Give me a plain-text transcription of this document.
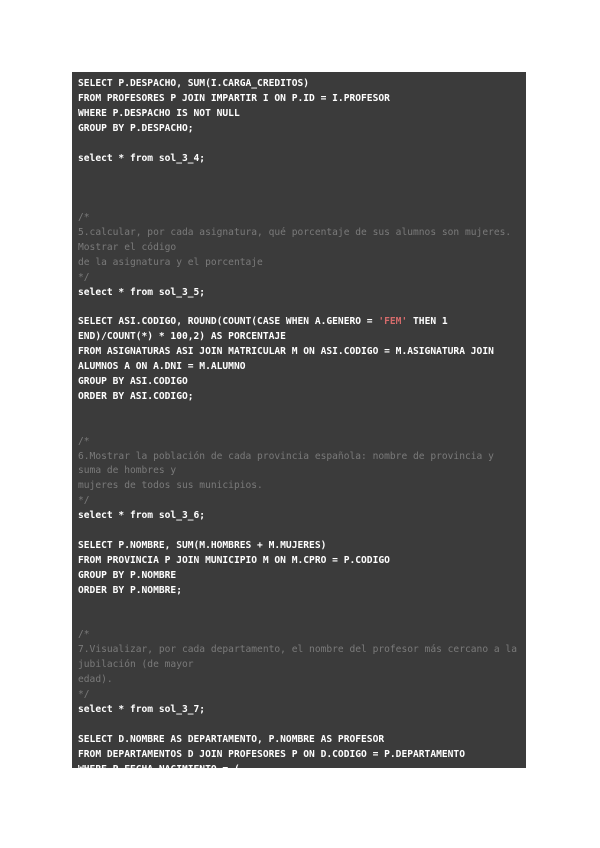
SELECT P.DESPACHO, SUM(I.CARGA_CREDITOS)
FROM PROFESORES P JOIN IMPARTIR I ON P.ID = I.PROFESOR
WHERE P.DESPACHO IS NOT NULL
GROUP BY P.DESPACHO;
select * from sol_3_4;
/*
5.calcular, por cada asignatura, qué porcentaje de sus alumnos son mujeres. Mostrar el código
de la asignatura y el porcentaje
*/
select * from sol_3_5;
SELECT ASI.CODIGO, ROUND(COUNT(CASE WHEN A.GENERO = 'FEM' THEN 1 END)/COUNT(*) * 100,2) AS PORCENTAJE
FROM ASIGNATURAS ASI JOIN MATRICULAR M ON ASI.CODIGO = M.ASIGNATURA JOIN ALUMNOS A ON A.DNI = M.ALUMNO
GROUP BY ASI.CODIGO
ORDER BY ASI.CODIGO;
/*
6.Mostrar la población de cada provincia española: nombre de provincia y suma de hombres y
mujeres de todos sus municipios.
*/
select * from sol_3_6;
SELECT P.NOMBRE, SUM(M.HOMBRES + M.MUJERES)
FROM PROVINCIA P JOIN MUNICIPIO M ON M.CPRO = P.CODIGO
GROUP BY P.NOMBRE
ORDER BY P.NOMBRE;
/*
7.Visualizar, por cada departamento, el nombre del profesor más cercano a la jubilación (de mayor
edad).
*/
select * from sol_3_7;
SELECT D.NOMBRE AS DEPARTAMENTO, P.NOMBRE AS PROFESOR
FROM DEPARTAMENTOS D JOIN PROFESORES P ON D.CODIGO = P.DEPARTAMENTO
WHERE P.FECHA_NACIMIENTO = (
